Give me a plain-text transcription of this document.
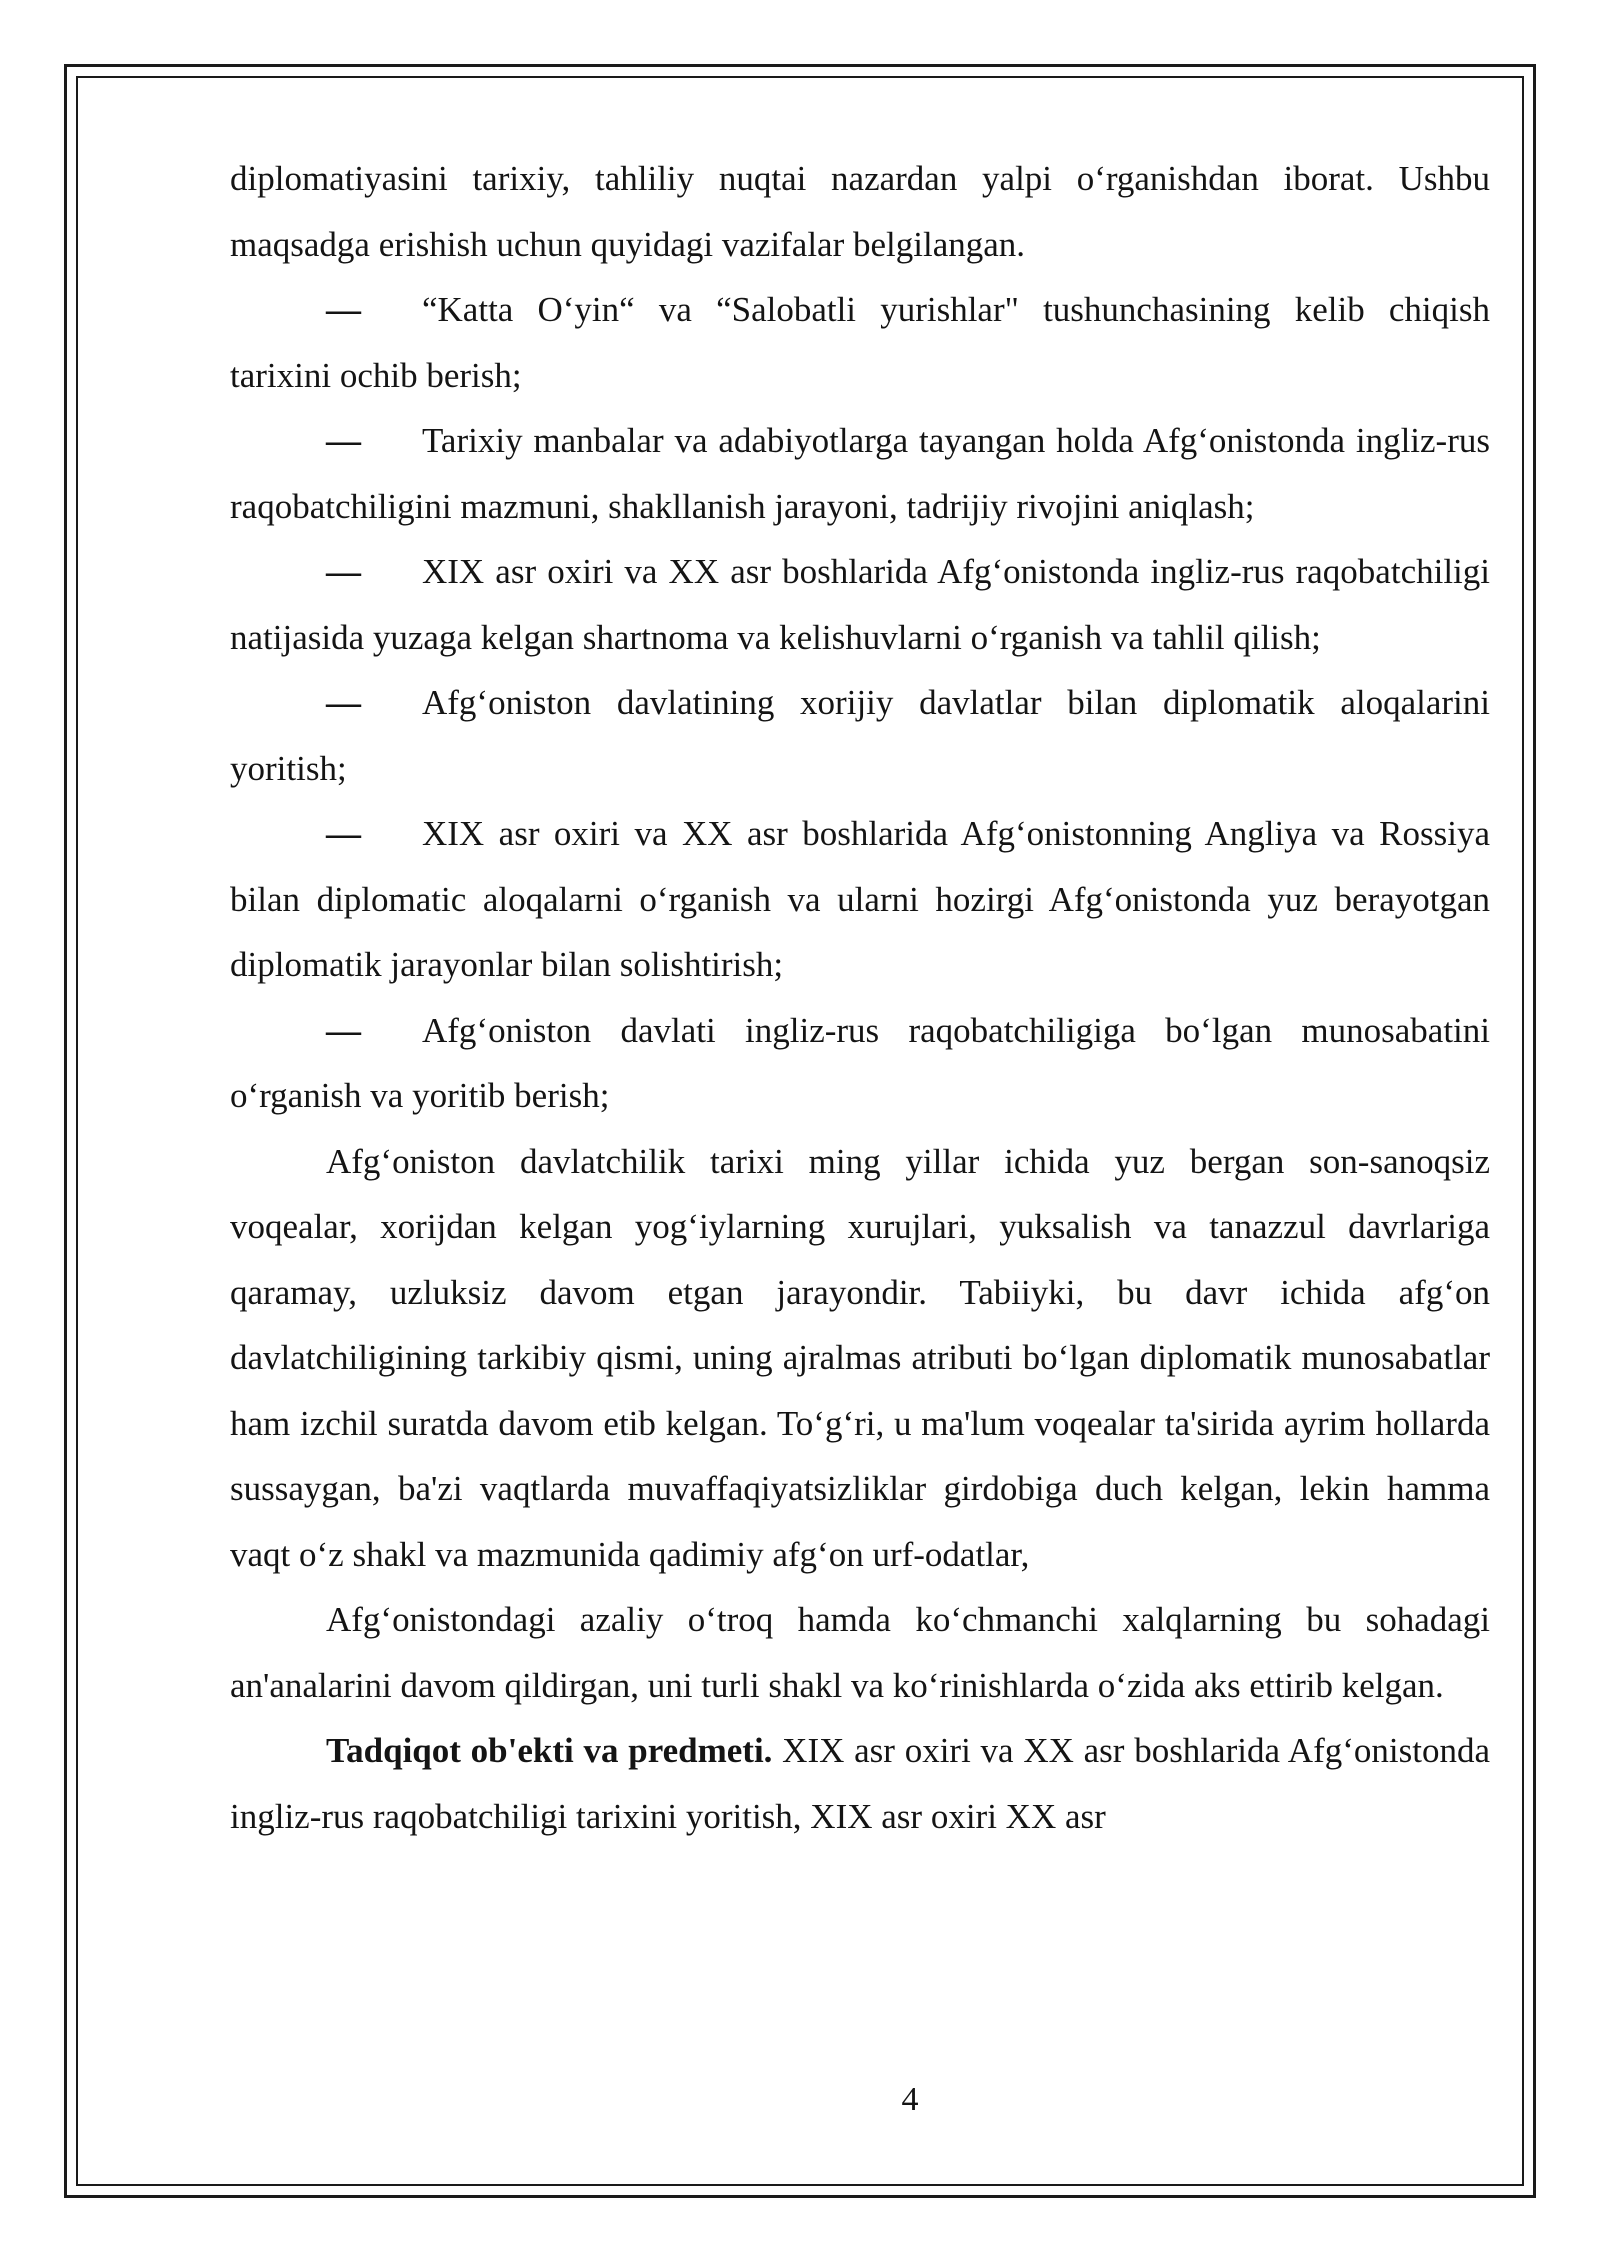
diplomatiyasini tarixiy, tahliliy nuqtai nazardan yalpi o‘rganishdan iborat. Ushbu maqsadga erishish uchun quyidagi vazifalar belgilangan.

— “Katta O‘yin“ va “Salobatli yurishlar" tushunchasining kelib chiqish tarixini ochib berish;

— Tarixiy manbalar va adabiyotlarga tayangan holda Afg‘onistonda ingliz-rus raqobatchiligini mazmuni, shakllanish jarayoni, tadrijiy rivojini aniqlash;

— XIX asr oxiri va XX asr boshlarida Afg‘onistonda ingliz-rus raqobatchiligi natijasida yuzaga kelgan shartnoma va kelishuvlarni o‘rganish va tahlil qilish;

— Afg‘oniston davlatining xorijiy davlatlar bilan diplomatik aloqalarini yoritish;

— XIX asr oxiri va XX asr boshlarida Afg‘onistonning Angliya va Rossiya bilan diplomatic aloqalarni o‘rganish va ularni hozirgi Afg‘onistonda yuz berayotgan diplomatik jarayonlar bilan solishtirish;

— Afg‘oniston davlati ingliz-rus raqobatchiligiga bo‘lgan munosabatini o‘rganish va yoritib berish;

Afg‘oniston davlatchilik tarixi ming yillar ichida yuz bergan son-sanoqsiz voqealar, xorijdan kelgan yog‘iylarning xurujlari, yuksalish va tanazzul davrlariga qaramay, uzluksiz davom etgan jarayondir. Tabiiyki, bu davr ichida afg‘on davlatchiligining tarkibiy qismi, uning ajralmas atributi bo‘lgan diplomatik munosabatlar ham izchil suratda davom etib kelgan. To‘g‘ri, u ma'lum voqealar ta'sirida ayrim hollarda sussaygan, ba'zi vaqtlarda muvaffaqiyatsizliklar girdobiga duch kelgan, lekin hamma vaqt o‘z shakl va mazmunida qadimiy afg‘on urf-odatlar,

Afg‘onistondagi azaliy o‘troq hamda ko‘chmanchi xalqlarning bu sohadagi an'analarini davom qildirgan, uni turli shakl va ko‘rinishlarda o‘zida aks ettirib kelgan.

Tadqiqot ob'ekti va predmeti. XIX asr oxiri va XX asr boshlarida Afg‘onistonda ingliz-rus raqobatchiligi tarixini yoritish, XIX asr oxiri XX asr

4
